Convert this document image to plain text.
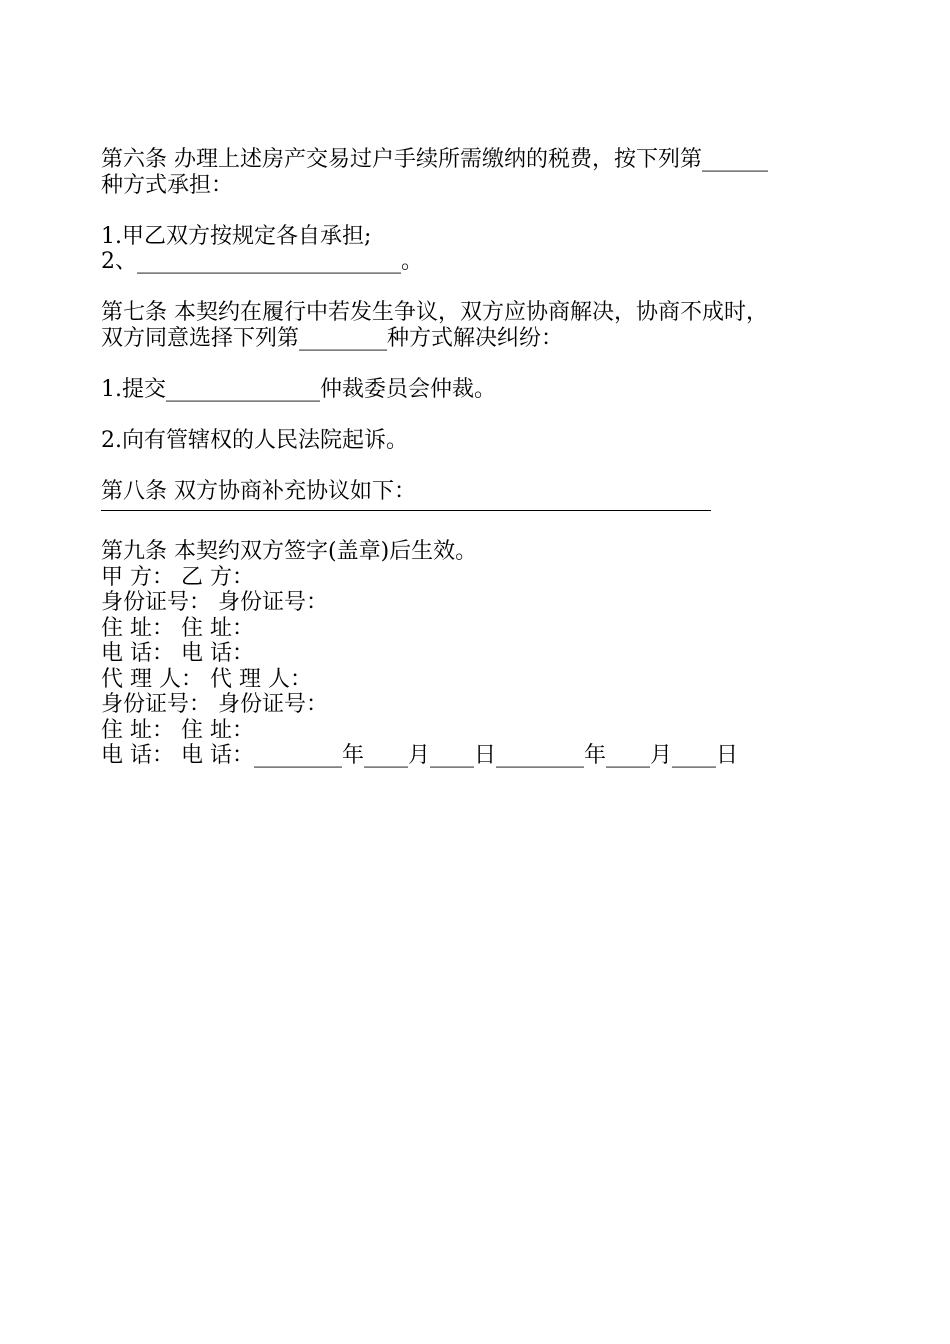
第六条 办理上述房产交易过户手续所需缴纳的税费，按下列第______

种方式承担：

1.甲乙双方按规定各自承担;

2、________________________。

第七条 本契约在履行中若发生争议，双方应协商解决，协商不成时，

双方同意选择下列第________种方式解决纠纷：

1.提交______________仲裁委员会仲裁。

2.向有管辖权的人民法院起诉。

第八条 双方协商补充协议如下：

第九条 本契约双方签字(盖章)后生效。

甲 方： 乙 方：

身份证号： 身份证号：

住 址： 住 址：

电 话： 电 话：

代 理 人： 代 理 人：

身份证号： 身份证号：

住 址： 住 址：

电 话： 电 话：________年____月____日________年____月____日
